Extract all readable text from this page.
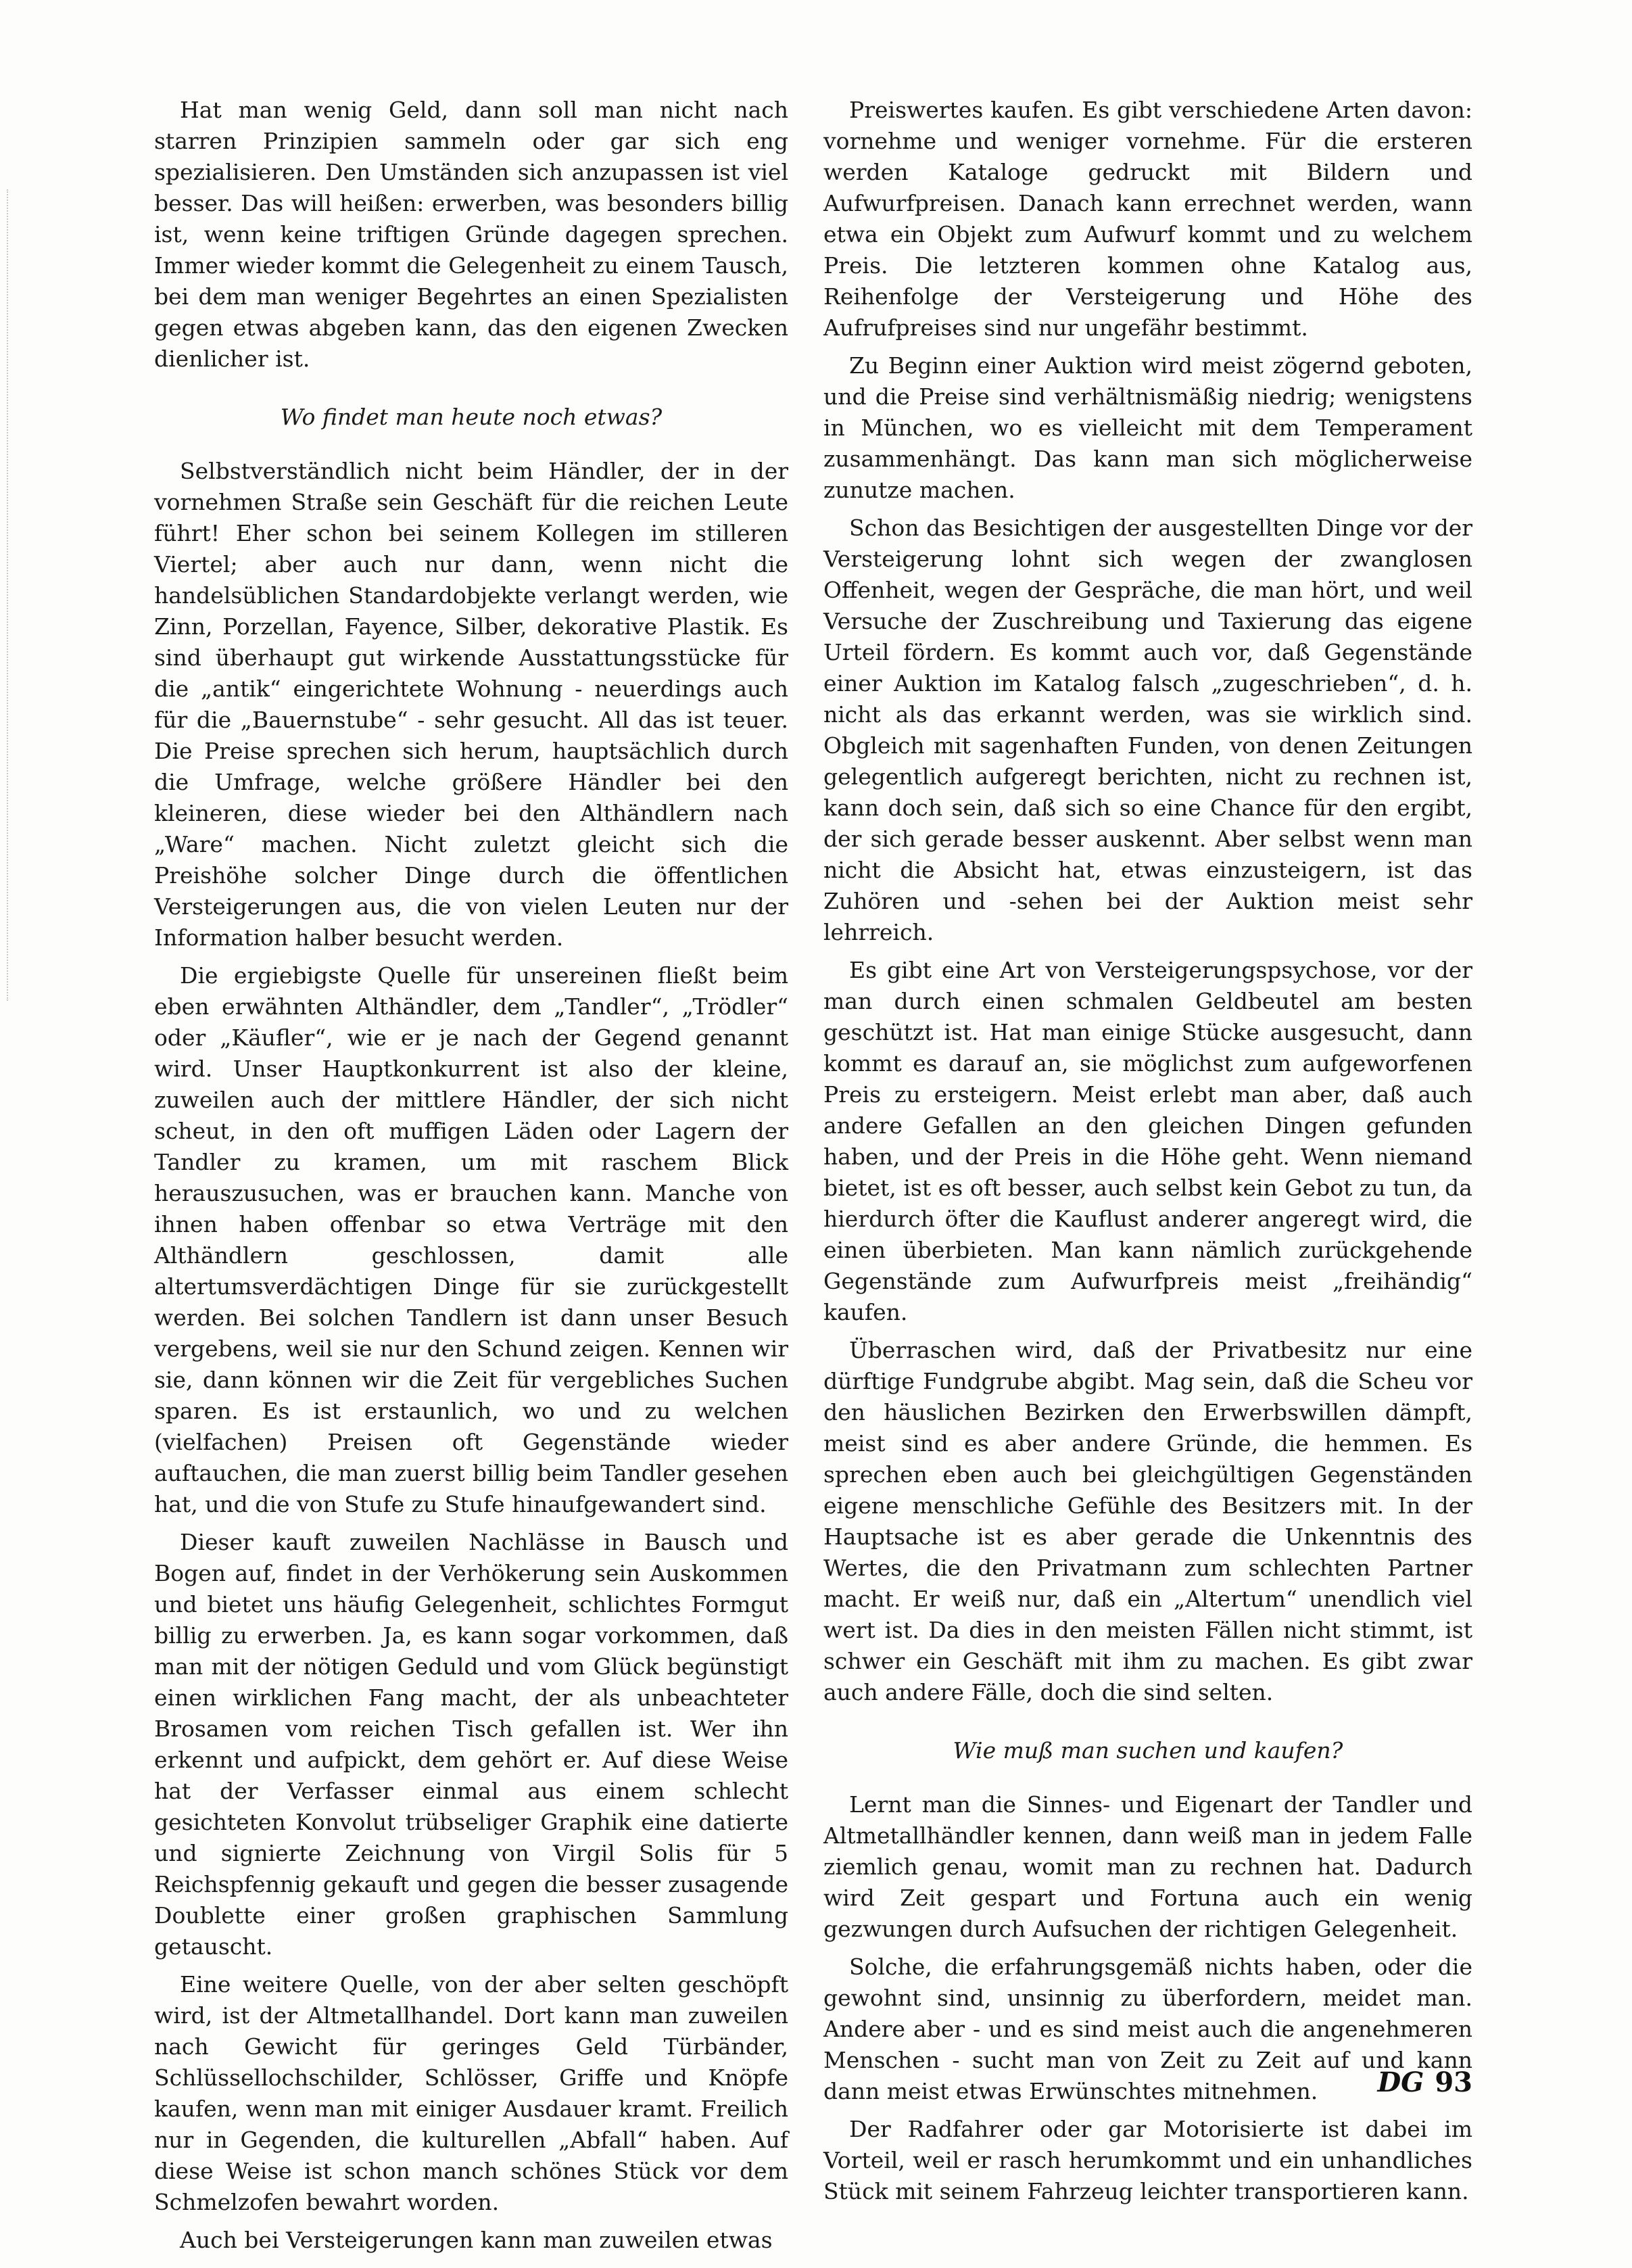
Hat man wenig Geld, dann soll man nicht nach starren Prinzipien sammeln oder gar sich eng spezialisieren. Den Umständen sich anzupassen ist viel besser. Das will heißen: erwerben, was besonders billig ist, wenn keine triftigen Gründe dagegen sprechen. Immer wieder kommt die Gelegenheit zu einem Tausch, bei dem man weniger Begehrtes an einen Spezialisten gegen etwas abgeben kann, das den eigenen Zwecken dienlicher ist.

Wo findet man heute noch etwas?

Selbstverständlich nicht beim Händler, der in der vornehmen Straße sein Geschäft für die reichen Leute führt! Eher schon bei seinem Kollegen im stilleren Viertel; aber auch nur dann, wenn nicht die handelsüblichen Standardobjekte verlangt werden, wie Zinn, Porzellan, Fayence, Silber, dekorative Plastik. Es sind überhaupt gut wirkende Ausstattungsstücke für die „antik“ eingerichtete Wohnung - neuerdings auch für die „Bauernstube“ - sehr gesucht. All das ist teuer. Die Preise sprechen sich herum, hauptsächlich durch die Umfrage, welche größere Händler bei den kleineren, diese wieder bei den Althändlern nach „Ware“ machen. Nicht zuletzt gleicht sich die Preishöhe solcher Dinge durch die öffentlichen Versteigerungen aus, die von vielen Leuten nur der Information halber besucht werden.

Die ergiebigste Quelle für unsereinen fließt beim eben erwähnten Althändler, dem „Tandler“, „Trödler“ oder „Käufler“, wie er je nach der Gegend genannt wird. Unser Hauptkonkurrent ist also der kleine, zuweilen auch der mittlere Händler, der sich nicht scheut, in den oft muffigen Läden oder Lagern der Tandler zu kramen, um mit raschem Blick herauszusuchen, was er brauchen kann. Manche von ihnen haben offenbar so etwa Verträge mit den Althändlern geschlossen, damit alle altertumsverdächtigen Dinge für sie zurückgestellt werden. Bei solchen Tandlern ist dann unser Besuch vergebens, weil sie nur den Schund zeigen. Kennen wir sie, dann können wir die Zeit für vergebliches Suchen sparen. Es ist erstaunlich, wo und zu welchen (vielfachen) Preisen oft Gegenstände wieder auftauchen, die man zuerst billig beim Tandler gesehen hat, und die von Stufe zu Stufe hinaufgewandert sind.

Dieser kauft zuweilen Nachlässe in Bausch und Bogen auf, findet in der Verhökerung sein Auskommen und bietet uns häufig Gelegenheit, schlichtes Formgut billig zu erwerben. Ja, es kann sogar vorkommen, daß man mit der nötigen Geduld und vom Glück begünstigt einen wirklichen Fang macht, der als unbeachteter Brosamen vom reichen Tisch gefallen ist. Wer ihn erkennt und aufpickt, dem gehört er. Auf diese Weise hat der Verfasser einmal aus einem schlecht gesichteten Konvolut trübseliger Graphik eine datierte und signierte Zeichnung von Virgil Solis für 5 Reichspfennig gekauft und gegen die besser zusagende Doublette einer großen graphischen Sammlung getauscht.

Eine weitere Quelle, von der aber selten geschöpft wird, ist der Altmetallhandel. Dort kann man zuweilen nach Gewicht für geringes Geld Türbänder, Schlüssellochschilder, Schlösser, Griffe und Knöpfe kaufen, wenn man mit einiger Ausdauer kramt. Freilich nur in Gegenden, die kulturellen „Abfall“ haben. Auf diese Weise ist schon manch schönes Stück vor dem Schmelzofen bewahrt worden.

Auch bei Versteigerungen kann man zuweilen etwas

Preiswertes kaufen. Es gibt verschiedene Arten davon: vornehme und weniger vornehme. Für die ersteren werden Kataloge gedruckt mit Bildern und Aufwurfpreisen. Danach kann errechnet werden, wann etwa ein Objekt zum Aufwurf kommt und zu welchem Preis. Die letzteren kommen ohne Katalog aus, Reihenfolge der Versteigerung und Höhe des Aufrufpreises sind nur ungefähr bestimmt.

Zu Beginn einer Auktion wird meist zögernd geboten, und die Preise sind verhältnismäßig niedrig; wenigstens in München, wo es vielleicht mit dem Temperament zusammenhängt. Das kann man sich möglicherweise zunutze machen.

Schon das Besichtigen der ausgestellten Dinge vor der Versteigerung lohnt sich wegen der zwanglosen Offenheit, wegen der Gespräche, die man hört, und weil Versuche der Zuschreibung und Taxierung das eigene Urteil fördern. Es kommt auch vor, daß Gegenstände einer Auktion im Katalog falsch „zugeschrieben“, d. h. nicht als das erkannt werden, was sie wirklich sind. Obgleich mit sagenhaften Funden, von denen Zeitungen gelegentlich aufgeregt berichten, nicht zu rechnen ist, kann doch sein, daß sich so eine Chance für den ergibt, der sich gerade besser auskennt. Aber selbst wenn man nicht die Absicht hat, etwas einzusteigern, ist das Zuhören und -sehen bei der Auktion meist sehr lehrreich.

Es gibt eine Art von Versteigerungspsychose, vor der man durch einen schmalen Geldbeutel am besten geschützt ist. Hat man einige Stücke ausgesucht, dann kommt es darauf an, sie möglichst zum aufgeworfenen Preis zu ersteigern. Meist erlebt man aber, daß auch andere Gefallen an den gleichen Dingen gefunden haben, und der Preis in die Höhe geht. Wenn niemand bietet, ist es oft besser, auch selbst kein Gebot zu tun, da hierdurch öfter die Kauflust anderer angeregt wird, die einen überbieten. Man kann nämlich zurückgehende Gegenstände zum Aufwurfpreis meist „freihändig“ kaufen.

Überraschen wird, daß der Privatbesitz nur eine dürftige Fundgrube abgibt. Mag sein, daß die Scheu vor den häuslichen Bezirken den Erwerbswillen dämpft, meist sind es aber andere Gründe, die hemmen. Es sprechen eben auch bei gleichgültigen Gegenständen eigene menschliche Gefühle des Besitzers mit. In der Hauptsache ist es aber gerade die Unkenntnis des Wertes, die den Privatmann zum schlechten Partner macht. Er weiß nur, daß ein „Altertum“ unendlich viel wert ist. Da dies in den meisten Fällen nicht stimmt, ist schwer ein Geschäft mit ihm zu machen. Es gibt zwar auch andere Fälle, doch die sind selten.

Wie muß man suchen und kaufen?

Lernt man die Sinnes- und Eigenart der Tandler und Altmetallhändler kennen, dann weiß man in jedem Falle ziemlich genau, womit man zu rechnen hat. Dadurch wird Zeit gespart und Fortuna auch ein wenig gezwungen durch Aufsuchen der richtigen Gelegenheit.

Solche, die erfahrungsgemäß nichts haben, oder die gewohnt sind, unsinnig zu überfordern, meidet man. Andere aber - und es sind meist auch die angenehmeren Menschen - sucht man von Zeit zu Zeit auf und kann dann meist etwas Erwünschtes mitnehmen.

Der Radfahrer oder gar Motorisierte ist dabei im Vorteil, weil er rasch herumkommt und ein unhandliches Stück mit seinem Fahrzeug leichter transportieren kann.

DG 93
